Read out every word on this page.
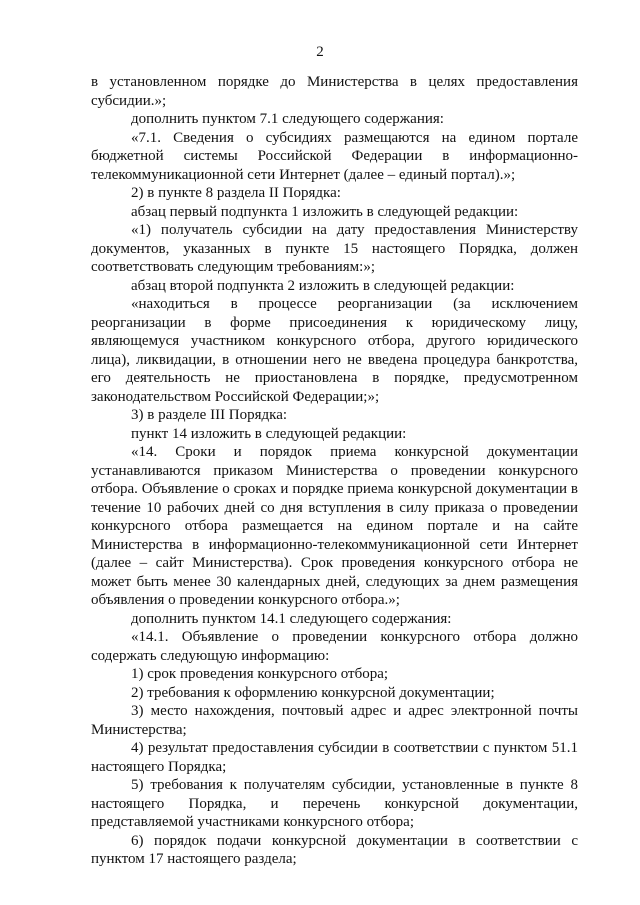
2

в установленном порядке до Министерства в целях предоставления субсидии.»;

дополнить пунктом 7.1 следующего содержания:

«7.1. Сведения о субсидиях размещаются на едином портале бюджетной системы Российской Федерации в информационно-телекоммуникационной сети Интернет (далее – единый портал).»;

2) в пункте 8 раздела II Порядка:

абзац первый подпункта 1 изложить в следующей редакции:

«1) получатель субсидии на дату предоставления Министерству документов, указанных в пункте 15 настоящего Порядка, должен соответствовать следующим требованиям:»;

абзац второй подпункта 2 изложить в следующей редакции:

«находиться в процессе реорганизации (за исключением реорганизации в форме присоединения к юридическому лицу, являющемуся участником конкурсного отбора, другого юридического лица), ликвидации, в отношении него не введена процедура банкротства, его деятельность не приостановлена в порядке, предусмотренном законодательством Российской Федерации;»;

3) в разделе III Порядка:

пункт 14 изложить в следующей редакции:

«14. Сроки и порядок приема конкурсной документации устанавливаются приказом Министерства о проведении конкурсного отбора. Объявление о сроках и порядке приема конкурсной документации в течение 10 рабочих дней со дня вступления в силу приказа о проведении конкурсного отбора размещается на едином портале и на сайте Министерства в информационно-телекоммуникационной сети Интернет (далее – сайт Министерства). Срок проведения конкурсного отбора не может быть менее 30 календарных дней, следующих за днем размещения объявления о проведении конкурсного отбора.»;

дополнить пунктом 14.1 следующего содержания:

«14.1. Объявление о проведении конкурсного отбора должно содержать следующую информацию:

1) срок проведения конкурсного отбора;

2) требования к оформлению конкурсной документации;

3) место нахождения, почтовый адрес и адрес электронной почты Министерства;

4) результат предоставления субсидии в соответствии с пунктом 51.1 настоящего Порядка;

5) требования к получателям субсидии, установленные в пункте 8 настоящего Порядка, и перечень конкурсной документации, представляемой участниками конкурсного отбора;

6) порядок подачи конкурсной документации в соответствии с пунктом 17 настоящего раздела;
